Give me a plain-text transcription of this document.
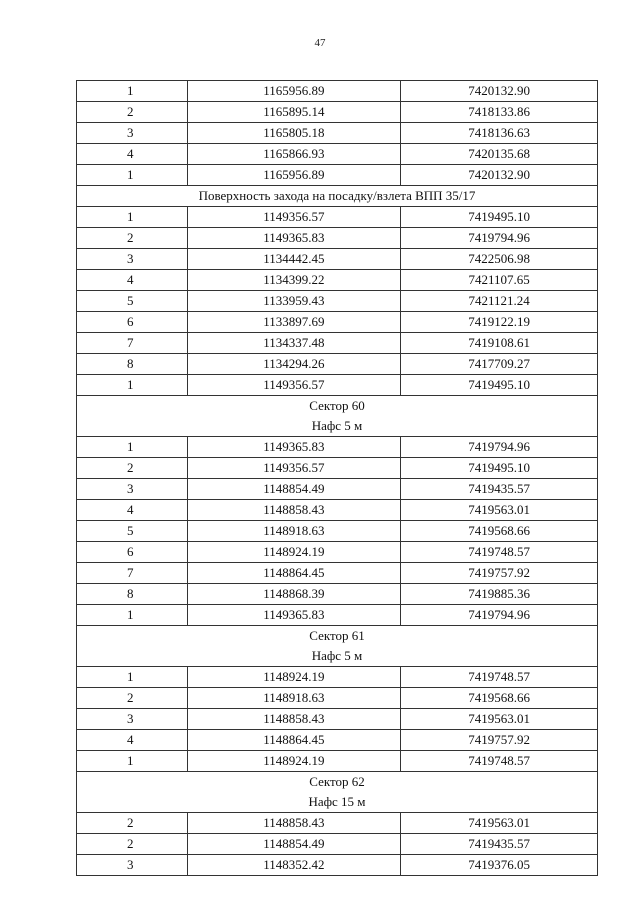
47
1	1165956.89	7420132.90
2	1165895.14	7418133.86
3	1165805.18	7418136.63
4	1165866.93	7420135.68
1	1165956.89	7420132.90
Поверхность захода на посадку/взлета ВПП 35/17		
1	1149356.57	7419495.10
2	1149365.83	7419794.96
3	1134442.45	7422506.98
4	1134399.22	7421107.65
5	1133959.43	7421121.24
6	1133897.69	7419122.19
7	1134337.48	7419108.61
8	1134294.26	7417709.27
1	1149356.57	7419495.10

Сектор 60
Нафс 5 м		

1	1149365.83	7419794.96
2	1149356.57	7419495.10
3	1148854.49	7419435.57
4	1148858.43	7419563.01
5	1148918.63	7419568.66
6	1148924.19	7419748.57
7	1148864.45	7419757.92
8	1148868.39	7419885.36
1	1149365.83	7419794.96

Сектор 61
Нафс 5 м		

1	1148924.19	7419748.57
2	1148918.63	7419568.66
3	1148858.43	7419563.01
4	1148864.45	7419757.92
1	1148924.19	7419748.57

Сектор 62
Нафс 15 м		

2	1148858.43	7419563.01
2	1148854.49	7419435.57
3	1148352.42	7419376.05
